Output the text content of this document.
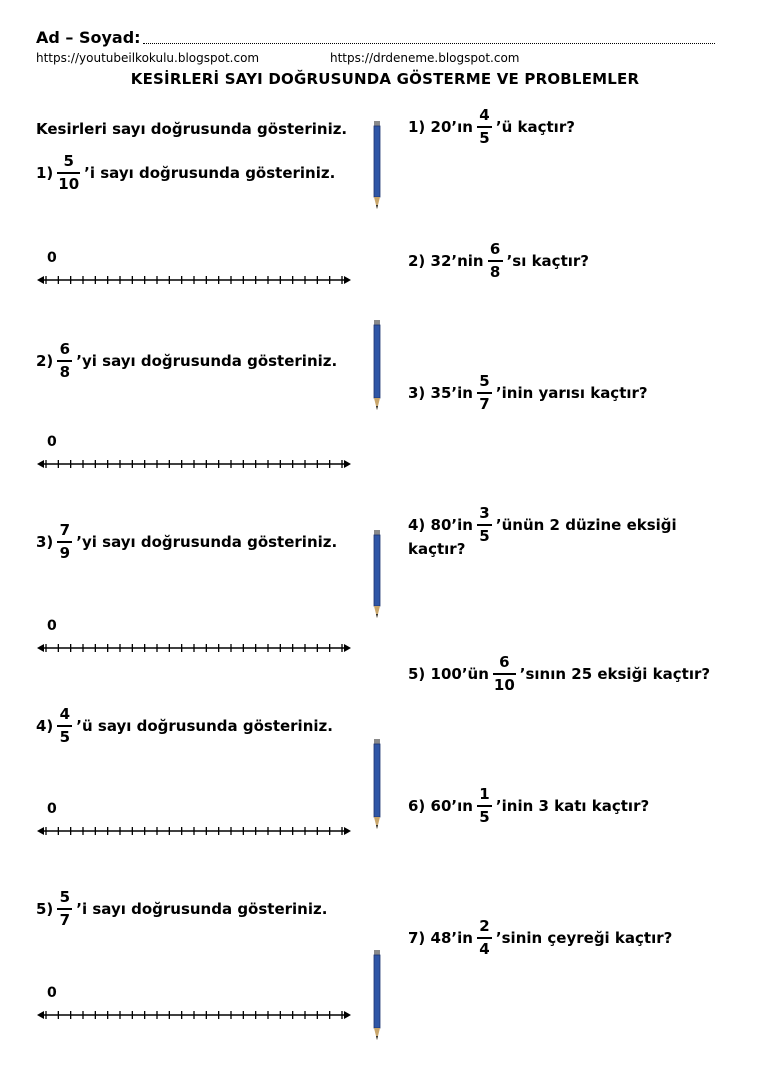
Ad – Soyad:
https://youtubeilkokulu.blogspot.com	https://drdeneme.blogspot.com
KESİRLERİ SAYI DOĞRUSUNDA GÖSTERME VE PROBLEMLER
Kesirleri sayı doğrusunda gösteriniz.
$1) \frac{5}{10}$ ’i sayı doğrusunda gösteriniz.
$2) \frac{6}{8}$ ’yi sayı doğrusunda gösteriniz.
$3) \frac{7}{9}$ ’yi sayı doğrusunda gösteriniz.
$4) \frac{4}{5}$ ’ü sayı doğrusunda gösteriniz.
$5) \frac{5}{7}$ ’i sayı doğrusunda gösteriniz.
0
0
0
0
0
1) 20’ın $\frac{4}{5}$ ’ü kaçtır?
2) 32’nin $\frac{6}{8}$ ’sı kaçtır?
3) 35’in $\frac{5}{7}$ ’inin yarısı kaçtır?
4) 80’in $\frac{3}{5}$ ’ünün 2 düzine eksiği
kaçtır?
5) 100’ün $\frac{6}{10}$ ’sının 25 eksiği kaçtır?
6) 60’ın $\frac{1}{5}$ ’inin 3 katı kaçtır?
7) 48’in $\frac{2}{4}$ ’sinin çeyreği kaçtır?
